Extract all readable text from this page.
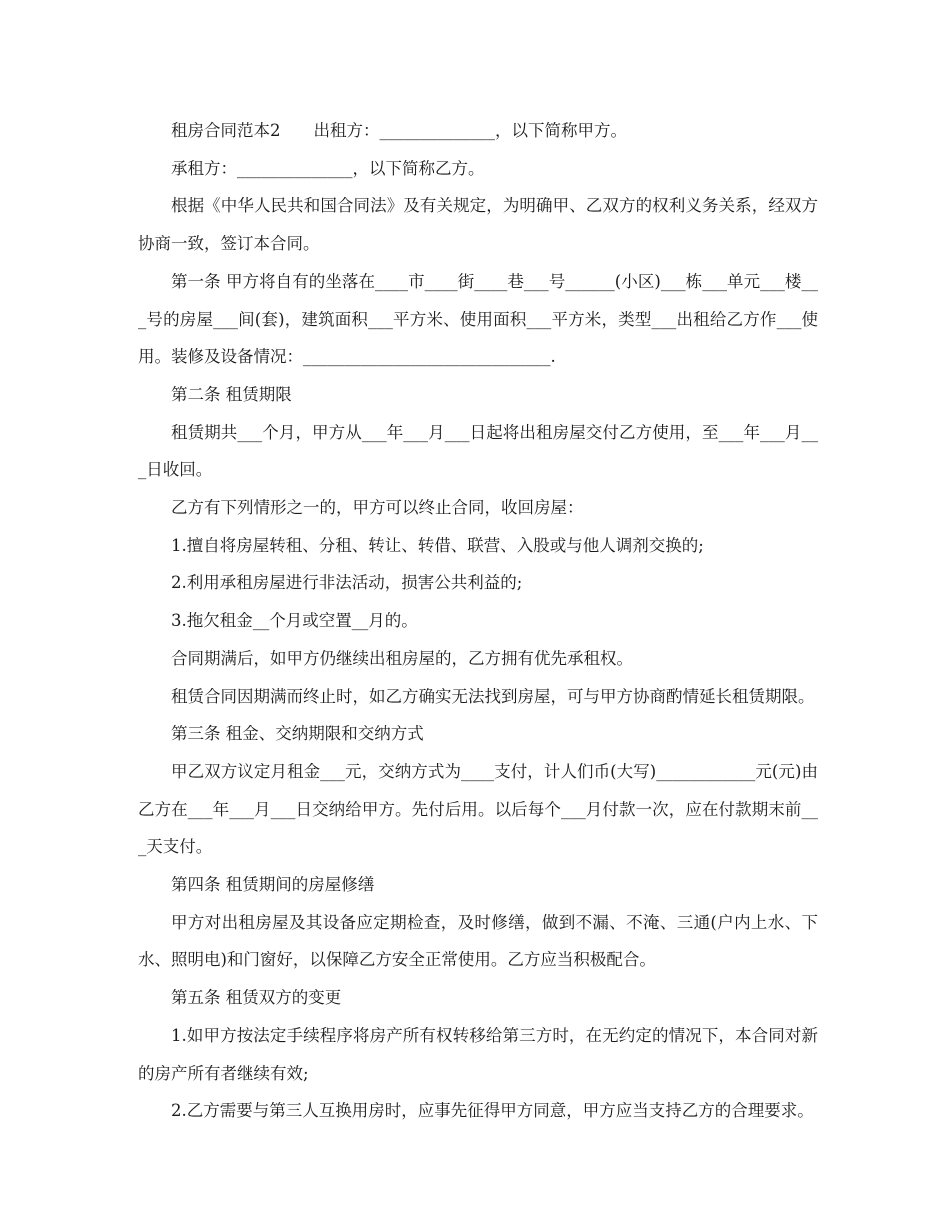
租房合同范本2　　出租方：______________，以下简称甲方。

承租方：______________，以下简称乙方。

根据《中华人民共和国合同法》及有关规定，为明确甲、乙双方的权利义务关系，经双方协商一致，签订本合同。

第一条 甲方将自有的坐落在____市____街____巷___号______(小区)___栋___单元___楼___号的房屋___间(套)，建筑面积___平方米、使用面积___平方米，类型___出租给乙方作___使用。装修及设备情况：______________________________.

第二条 租赁期限

租赁期共___个月，甲方从___年___月___日起将出租房屋交付乙方使用，至___年___月___日收回。

乙方有下列情形之一的，甲方可以终止合同，收回房屋：

1.擅自将房屋转租、分租、转让、转借、联营、入股或与他人调剂交换的;

2.利用承租房屋进行非法活动，损害公共利益的;

3.拖欠租金__个月或空置__月的。

合同期满后，如甲方仍继续出租房屋的，乙方拥有优先承租权。

租赁合同因期满而终止时，如乙方确实无法找到房屋，可与甲方协商酌情延长租赁期限。

第三条 租金、交纳期限和交纳方式

甲乙双方议定月租金___元，交纳方式为____支付，计人们币(大写)____________元(元)由乙方在___年___月___日交纳给甲方。先付后用。以后每个___月付款一次，应在付款期末前___天支付。

第四条 租赁期间的房屋修缮

甲方对出租房屋及其设备应定期检查，及时修缮，做到不漏、不淹、三通(户内上水、下水、照明电)和门窗好，以保障乙方安全正常使用。乙方应当积极配合。

第五条 租赁双方的变更

1.如甲方按法定手续程序将房产所有权转移给第三方时，在无约定的情况下，本合同对新的房产所有者继续有效;

2.乙方需要与第三人互换用房时，应事先征得甲方同意，甲方应当支持乙方的合理要求。
